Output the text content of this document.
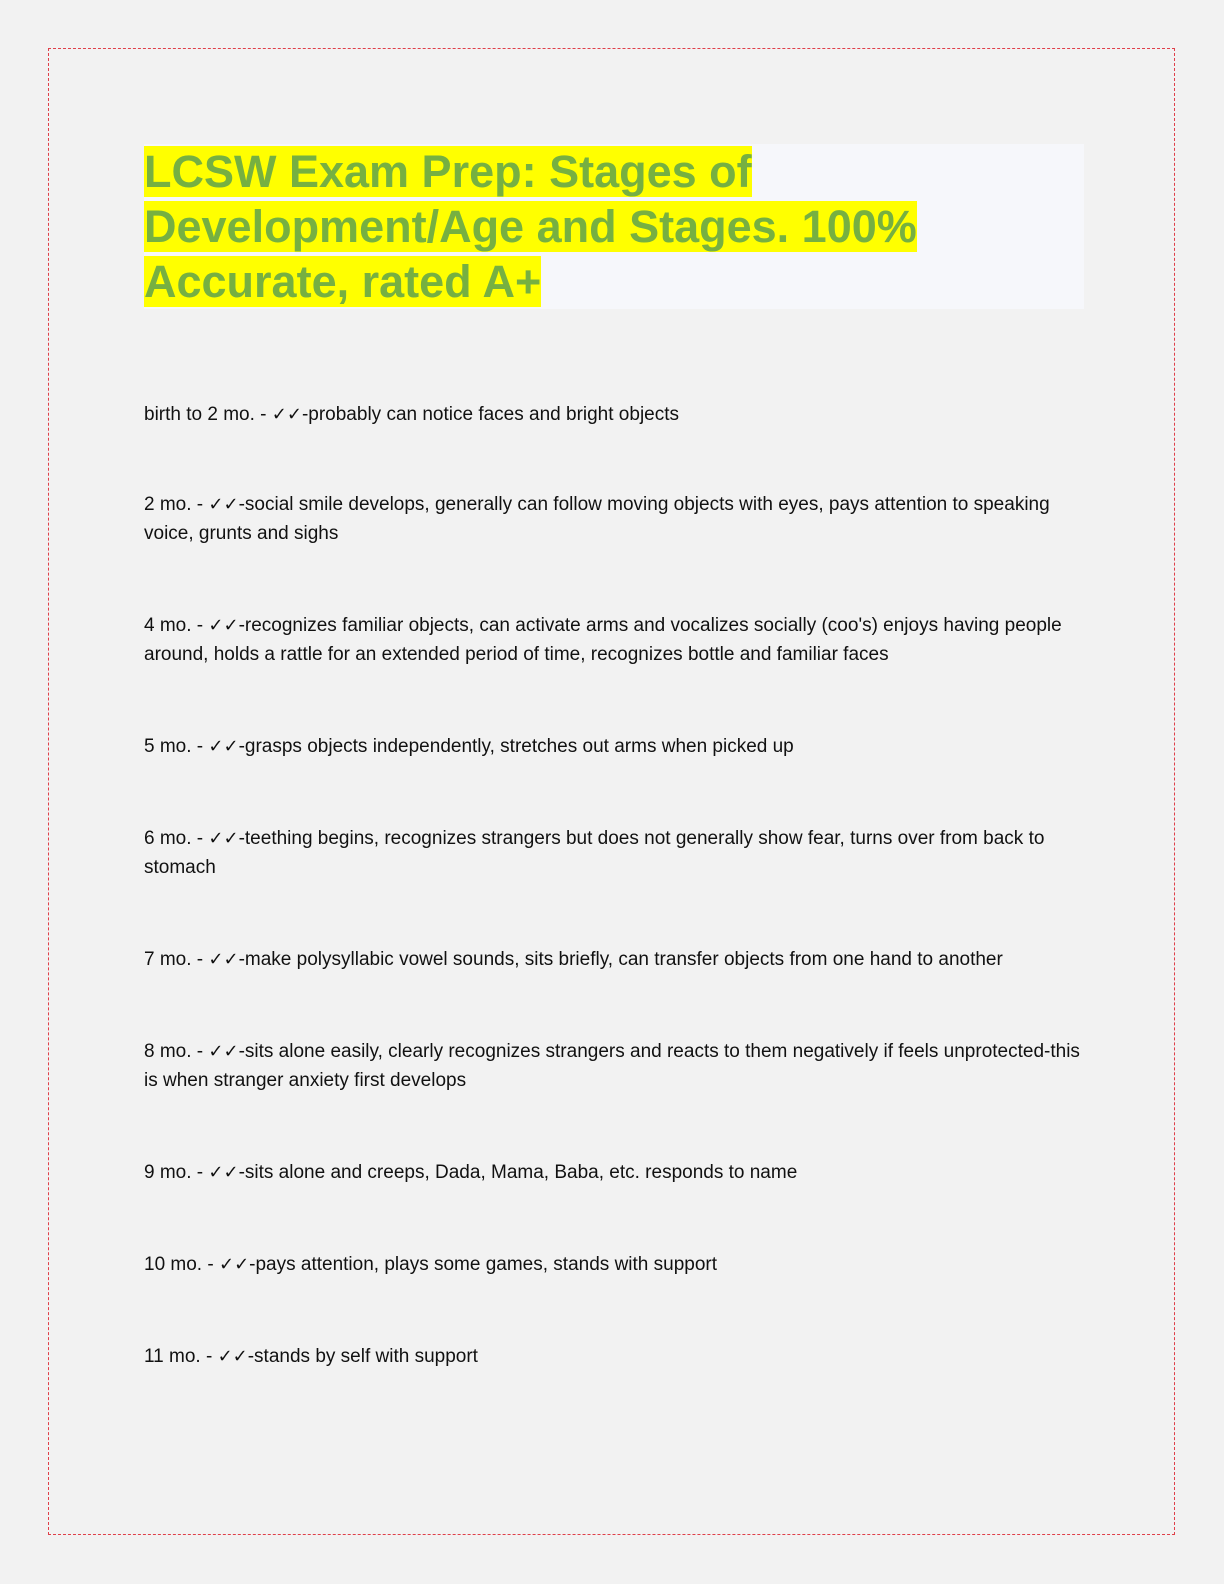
LCSW Exam Prep: Stages of
Development/Age and Stages. 100%
Accurate, rated A+

birth to 2 mo. - ✓✓-probably can notice faces and bright objects

2 mo. - ✓✓-social smile develops, generally can follow moving objects with eyes, pays attention to speaking voice, grunts and sighs

4 mo. - ✓✓-recognizes familiar objects, can activate arms and vocalizes socially (coo's) enjoys having people around, holds a rattle for an extended period of time, recognizes bottle and familiar faces

5 mo. - ✓✓-grasps objects independently, stretches out arms when picked up

6 mo. - ✓✓-teething begins, recognizes strangers but does not generally show fear, turns over from back to stomach

7 mo. - ✓✓-make polysyllabic vowel sounds, sits briefly, can transfer objects from one hand to another

8 mo. - ✓✓-sits alone easily, clearly recognizes strangers and reacts to them negatively if feels unprotected-this is when stranger anxiety first develops

9 mo. - ✓✓-sits alone and creeps, Dada, Mama, Baba, etc. responds to name

10 mo. - ✓✓-pays attention, plays some games, stands with support

11 mo. - ✓✓-stands by self with support
